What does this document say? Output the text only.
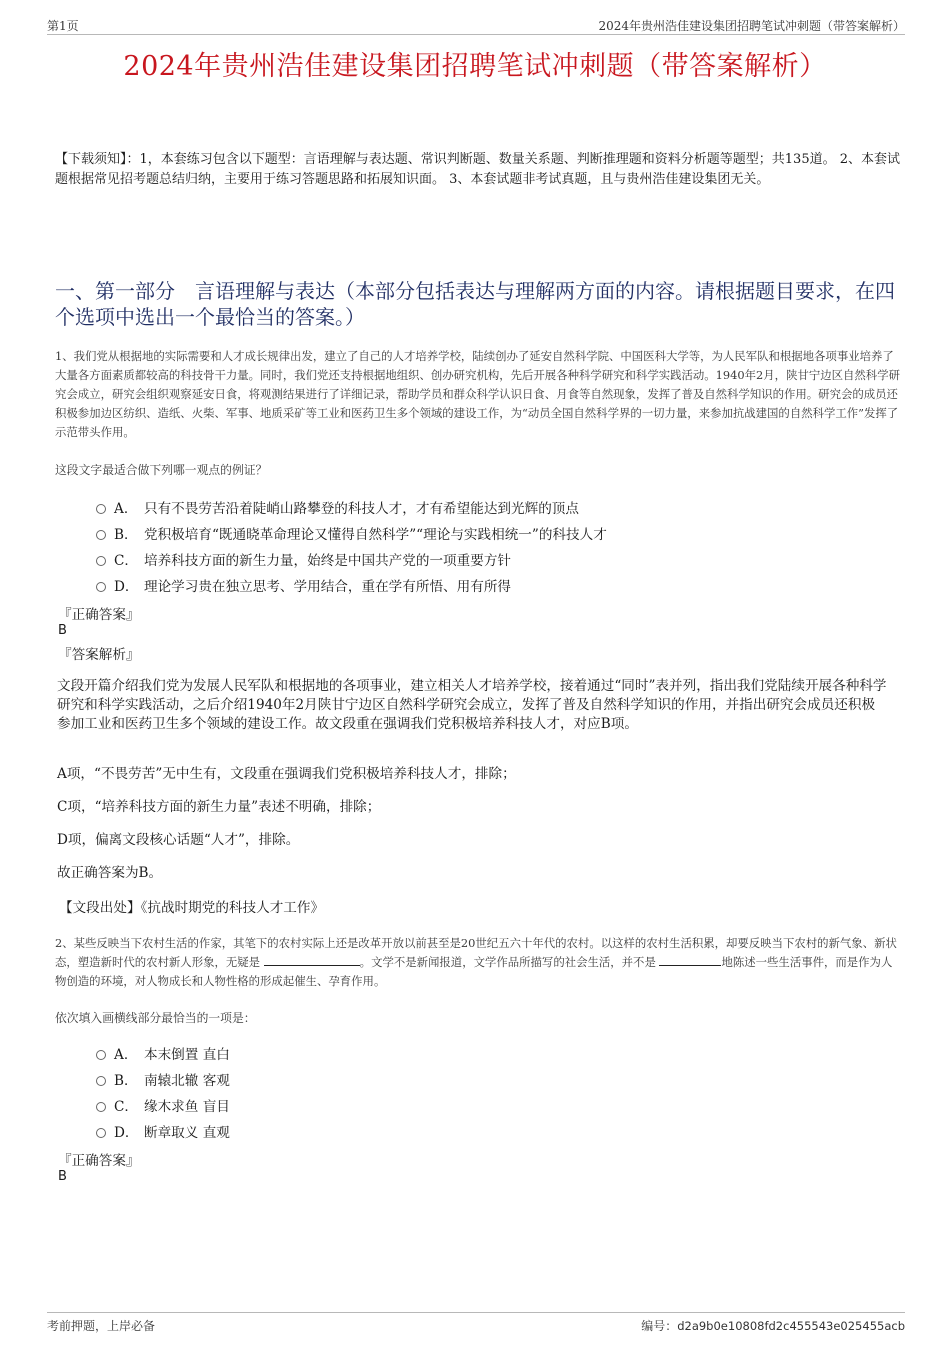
第1页	2024年贵州浩佳建设集团招聘笔试冲刺题（带答案解析）
2024年贵州浩佳建设集团招聘笔试冲刺题（带答案解析）
【下载须知】：1，本套练习包含以下题型：言语理解与表达题、常识判断题、数量关系题、判断推理题和资料分析题等题型；共135道。 2、本套试题根据常见招考题总结归纳，主要用于练习答题思路和拓展知识面。 3、本套试题非考试真题，且与贵州浩佳建设集团无关。
一、第一部分　言语理解与表达（本部分包括表达与理解两方面的内容。请根据题目要求，在四个选项中选出一个最恰当的答案。）
1、我们党从根据地的实际需要和人才成长规律出发，建立了自己的人才培养学校，陆续创办了延安自然科学院、中国医科大学等，为人民军队和根据地各项事业培养了大量各方面素质都较高的科技骨干力量。同时，我们党还支持根据地组织、创办研究机构，先后开展各种科学研究和科学实践活动。1940年2月，陕甘宁边区自然科学研究会成立，研究会组织观察延安日食，将观测结果进行了详细记录，帮助学员和群众科学认识日食、月食等自然现象，发挥了普及自然科学知识的作用。研究会的成员还积极参加边区纺织、造纸、火柴、军事、地质采矿等工业和医药卫生多个领域的建设工作，为“动员全国自然科学界的一切力量，来参加抗战建国的自然科学工作”发挥了示范带头作用。
这段文字最适合做下列哪一观点的例证？
A． 只有不畏劳苦沿着陡峭山路攀登的科技人才，才有希望能达到光辉的顶点
B． 党积极培育“既通晓革命理论又懂得自然科学”“理论与实践相统一”的科技人才
C． 培养科技方面的新生力量，始终是中国共产党的一项重要方针
D． 理论学习贵在独立思考、学用结合，重在学有所悟、用有所得
『正确答案』
B
『答案解析』
文段开篇介绍我们党为发展人民军队和根据地的各项事业，建立相关人才培养学校，接着通过“同时”表并列，指出我们党陆续开展各种科学研究和科学实践活动，之后介绍1940年2月陕甘宁边区自然科学研究会成立，发挥了普及自然科学知识的作用，并指出研究会成员还积极参加工业和医药卫生多个领域的建设工作。故文段重在强调我们党积极培养科技人才，对应B项。
A项，“不畏劳苦”无中生有，文段重在强调我们党积极培养科技人才，排除；
C项，“培养科技方面的新生力量”表述不明确，排除；
D项，偏离文段核心话题“人才”，排除。
故正确答案为B。
【文段出处】《抗战时期党的科技人才工作》
2、某些反映当下农村生活的作家，其笔下的农村实际上还是改革开放以前甚至是20世纪五六十年代的农村。以这样的农村生活积累，却要反映当下农村的新气象、新状态，塑造新时代的农村新人形象，无疑是	。文学不是新闻报道，文学作品所描写的社会生活，并不是	地陈述一些生活事件，而是作为人物创造的环境，对人物成长和人物性格的形成起催生、孕育作用。
依次填入画横线部分最恰当的一项是：
A． 本末倒置 直白
B． 南辕北辙 客观
C． 缘木求鱼 盲目
D． 断章取义 直观
『正确答案』
B
考前押题，上岸必备	编号：d2a9b0e10808fd2c455543e025455acb
